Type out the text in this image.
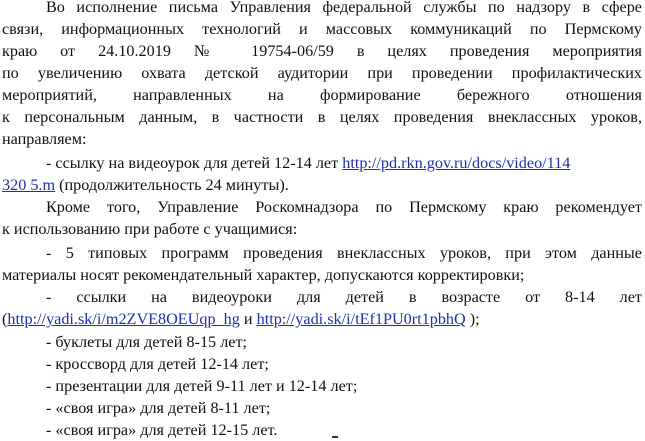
Во исполнение письма Управления федеральной службы по надзору в сфере
связи, информационных технологий и массовых коммуникаций по Пермскому
краю от 24.10.2019 № 19754-06/59 в целях проведения мероприятия
по увеличению охвата детской аудитории при проведении профилактических
мероприятий, направленных на формирование бережного отношения
к персональным данным, в частности в целях проведения внеклассных уроков,
направляем:
- ссылку на видеоурок для детей 12-14 лет http://pd.rkn.gov.ru/docs/video/114
320 5.m (продолжительность 24 минуты).
Кроме того, Управление Роскомнадзора по Пермскому краю рекомендует
к использованию при работе с учащимися:
- 5 типовых программ проведения внеклассных уроков, при этом данные
материалы носят рекомендательный характер, допускаются корректировки;
- ссылки на видеоуроки для детей в возрасте от 8-14 лет
(http://yadi.sk/i/m2ZVE8OEUqp_hg и http://yadi.sk/i/tEf1PU0rt1pbhQ );
- буклеты для детей 8-15 лет;
- кроссворд для детей 12-14 лет;
- презентации для детей 9-11 лет и 12-14 лет;
- «своя игра» для детей 8-11 лет;
- «своя игра» для детей 12-15 лет.
